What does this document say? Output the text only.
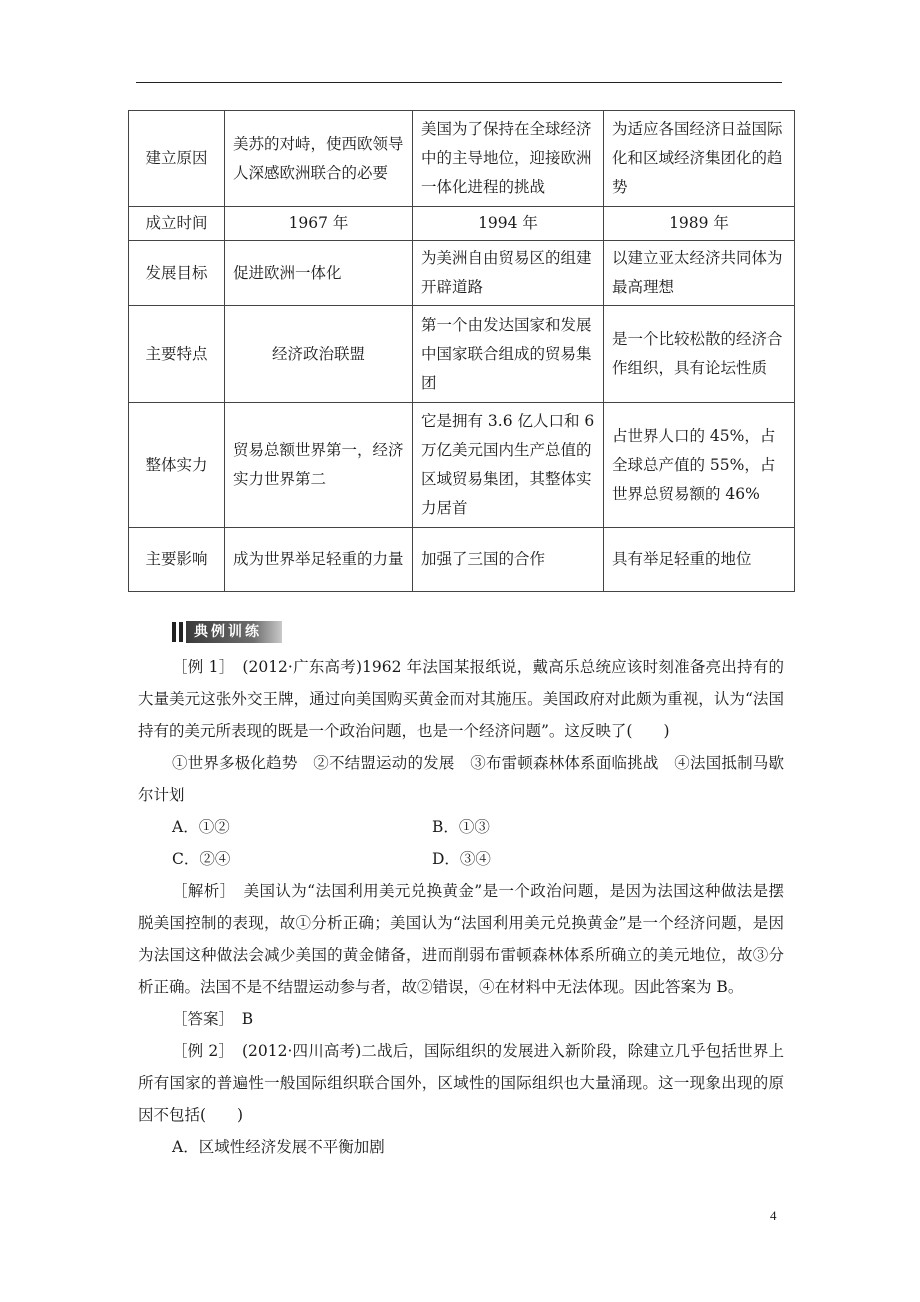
建立原因	美苏的对峙，使西欧领导人深感欧洲联合的必要	美国为了保持在全球经济中的主导地位，迎接欧洲一体化进程的挑战	为适应各国经济日益国际化和区域经济集团化的趋势
成立时间	1967 年	1994 年	1989 年
发展目标	促进欧洲一体化	为美洲自由贸易区的组建开辟道路	以建立亚太经济共同体为最高理想
主要特点	经济政治联盟	第一个由发达国家和发展中国家联合组成的贸易集团	是一个比较松散的经济合作组织，具有论坛性质
整体实力	贸易总额世界第一，经济实力世界第二	它是拥有 3.6 亿人口和 6 万亿美元国内生产总值的区域贸易集团，其整体实力居首	占世界人口的 45%，占全球总产值的 55%，占世界总贸易额的 46%
主要影响	成为世界举足轻重的力量	加强了三国的合作	具有举足轻重的地位
典例训练

［例 1］　(2012·广东高考)1962 年法国某报纸说，戴高乐总统应该时刻准备亮出持有的大量美元这张外交王牌，通过向美国购买黄金而对其施压。美国政府对此颇为重视，认为“法国持有的美元所表现的既是一个政治问题，也是一个经济问题”。这反映了(　　)

①世界多极化趋势　②不结盟运动的发展　③布雷顿森林体系面临挑战　④法国抵制马歇尔计划

A．①②	B．①③
C．②④	D．③④

［解析］　美国认为“法国利用美元兑换黄金”是一个政治问题，是因为法国这种做法是摆脱美国控制的表现，故①分析正确；美国认为“法国利用美元兑换黄金”是一个经济问题，是因为法国这种做法会减少美国的黄金储备，进而削弱布雷顿森林体系所确立的美元地位，故③分析正确。法国不是不结盟运动参与者，故②错误，④在材料中无法体现。因此答案为 B。

［答案］　B

［例 2］　(2012·四川高考)二战后，国际组织的发展进入新阶段，除建立几乎包括世界上所有国家的普遍性一般国际组织联合国外，区域性的国际组织也大量涌现。这一现象出现的原因不包括(　　)

A．区域性经济发展不平衡加剧

4
